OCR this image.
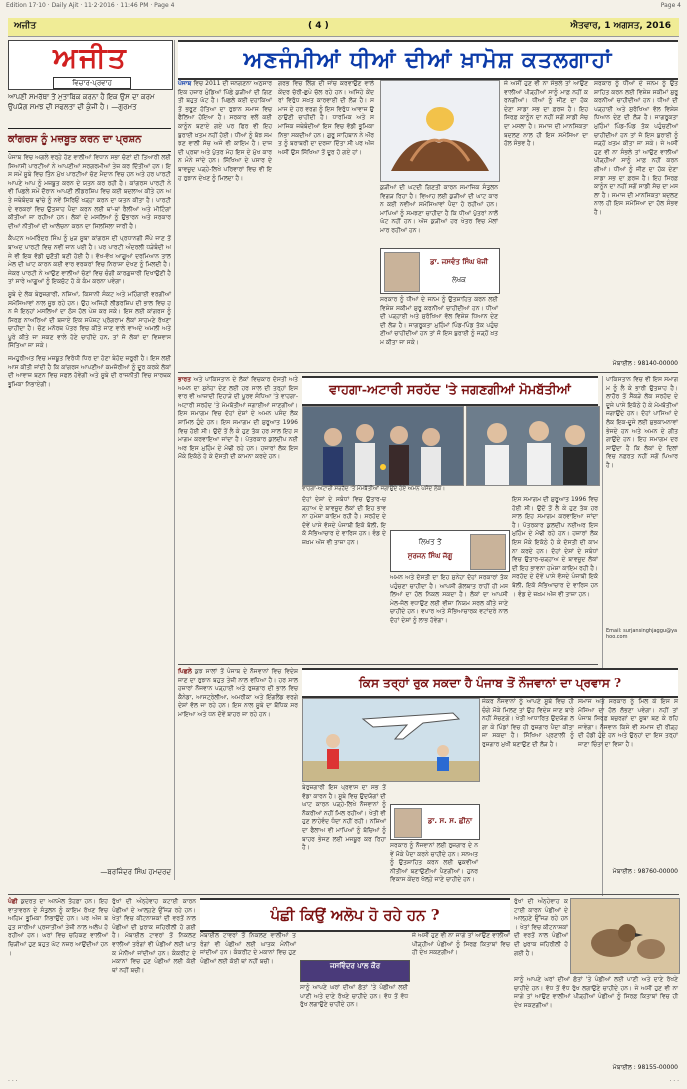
Edition 17·10 · Daily Ajit · 11·2·2016 · 11:46 PM · Page 4	Page 4
ਅਜੀਤ	( 4 )	ਐਤਵਾਰ, 1 ਅਗਸਤ, 2016
ਅਜੀਤ
ਵਿਚਾਰ-ਪ੍ਰਵਾਹ
ਆਪਣੀ ਸਮਰੱਥਾ ਤੋਂ ਮੁਤਾਬਿਕ ਕਰਨਾ ਹੈ ਇਕ ਉਸ ਦਾ ਕਰਮ ਉਪਯੋਗ ਸਮਝ ਦੀ ਸਫਲਤਾ ਦੀ ਕੁੰਜੀ ਹੈ। —ਗੁਰਮਤ
ਕਾਂਗਰਸ ਨੂੰ ਮਜ਼ਬੂਤ ਕਰਨ ਦਾ ਪ੍ਰਸ਼ਨ

ਪੰਜਾਬ ਵਿਚ ਅਗਲੇ ਵਰ੍ਹੇ ਹੋਣ ਵਾਲੀਆਂ ਵਿਧਾਨ ਸਭਾ ਚੋਣਾਂ ਦੀ ਤਿਆਰੀ ਲਈ ਸਿਆਸੀ ਪਾਰਟੀਆਂ ਨੇ ਆਪਣੀਆਂ ਸਰਗਰਮੀਆਂ ਤੇਜ਼ ਕਰ ਦਿੱਤੀਆਂ ਹਨ। ਇਸ ਸਮੇਂ ਸੂਬੇ ਵਿਚ ਤਿੰਨ ਮੁੱਖ ਪਾਰਟੀਆਂ ਚੋਣ ਮੈਦਾਨ ਵਿਚ ਹਨ ਅਤੇ ਹਰ ਪਾਰਟੀ ਆਪਣੇ ਆਪ ਨੂੰ ਮਜ਼ਬੂਤ ਕਰਨ ਦੇ ਯਤਨ ਕਰ ਰਹੀ ਹੈ। ਕਾਂਗਰਸ ਪਾਰਟੀ ਨੇ ਵੀ ਪਿਛਲੇ ਸਮੇਂ ਦੌਰਾਨ ਆਪਣੀ ਲੀਡਰਸ਼ਿਪ ਵਿਚ ਕਈ ਬਦਲਾਅ ਕੀਤੇ ਹਨ ਅਤੇ ਜਥੇਬੰਦਕ ਢਾਂਚੇ ਨੂੰ ਨਵੇਂ ਸਿਰਿਓਂ ਖੜ੍ਹਾ ਕਰਨ ਦਾ ਯਤਨ ਕੀਤਾ ਹੈ। ਪਾਰਟੀ ਦੇ ਵਰਕਰਾਂ ਵਿਚ ਉਤਸ਼ਾਹ ਪੈਦਾ ਕਰਨ ਲਈ ਥਾਂ-ਥਾਂ ਰੈਲੀਆਂ ਅਤੇ ਮੀਟਿੰਗਾਂ ਕੀਤੀਆਂ ਜਾ ਰਹੀਆਂ ਹਨ। ਲੋਕਾਂ ਦੇ ਮਸਲਿਆਂ ਨੂੰ ਉਭਾਰਨ ਅਤੇ ਸਰਕਾਰ ਦੀਆਂ ਨੀਤੀਆਂ ਦੀ ਆਲੋਚਨਾ ਕਰਨ ਦਾ ਸਿਲਸਿਲਾ ਜਾਰੀ ਹੈ।

ਕੈਪਟਨ ਅਮਰਿੰਦਰ ਸਿੰਘ ਨੂੰ ਮੁੜ ਸੂਬਾ ਕਾਂਗਰਸ ਦੀ ਪ੍ਰਧਾਨਗੀ ਸੌਂਪੇ ਜਾਣ ਤੋਂ ਬਾਅਦ ਪਾਰਟੀ ਵਿਚ ਨਵੀਂ ਜਾਨ ਪਈ ਹੈ। ਪਰ ਪਾਰਟੀ ਅੰਦਰਲੀ ਧੜੇਬੰਦੀ ਅਜੇ ਵੀ ਇਕ ਵੱਡੀ ਚੁਣੌਤੀ ਬਣੀ ਹੋਈ ਹੈ। ਵੱਖ-ਵੱਖ ਆਗੂਆਂ ਦਰਮਿਆਨ ਤਾਲਮੇਲ ਦੀ ਘਾਟ ਕਾਰਨ ਕਈ ਵਾਰ ਵਰਕਰਾਂ ਵਿਚ ਨਿਰਾਸ਼ਾ ਦੇਖਣ ਨੂੰ ਮਿਲਦੀ ਹੈ। ਜੇਕਰ ਪਾਰਟੀ ਨੇ ਆਉਣ ਵਾਲੀਆਂ ਚੋਣਾਂ ਵਿਚ ਚੰਗੀ ਕਾਰਗੁਜ਼ਾਰੀ ਦਿਖਾਉਣੀ ਹੈ ਤਾਂ ਸਾਰੇ ਆਗੂਆਂ ਨੂੰ ਇਕਜੁੱਟ ਹੋ ਕੇ ਕੰਮ ਕਰਨਾ ਪਵੇਗਾ।

ਸੂਬੇ ਦੇ ਲੋਕ ਬੇਰੁਜ਼ਗਾਰੀ, ਨਸ਼ਿਆਂ, ਕਿਸਾਨੀ ਸੰਕਟ ਅਤੇ ਮਹਿੰਗਾਈ ਵਰਗੀਆਂ ਸਮੱਸਿਆਵਾਂ ਨਾਲ ਜੂਝ ਰਹੇ ਹਨ। ਉਹ ਅਜਿਹੀ ਲੀਡਰਸ਼ਿਪ ਦੀ ਭਾਲ ਵਿਚ ਹਨ ਜੋ ਇਨ੍ਹਾਂ ਮਸਲਿਆਂ ਦਾ ਠੋਸ ਹੱਲ ਪੇਸ਼ ਕਰ ਸਕੇ। ਇਸ ਲਈ ਕਾਂਗਰਸ ਨੂੰ ਸਿਰਫ਼ ਨਾਅਰਿਆਂ ਦੀ ਬਜਾਏ ਇਕ ਸਪੱਸ਼ਟ ਪ੍ਰੋਗਰਾਮ ਲੋਕਾਂ ਸਾਹਮਣੇ ਰੱਖਣਾ ਚਾਹੀਦਾ ਹੈ। ਚੋਣ ਮਨੋਰਥ ਪੱਤਰ ਵਿਚ ਕੀਤੇ ਜਾਣ ਵਾਲੇ ਵਾਅਦੇ ਅਮਲੀ ਅਤੇ ਪੂਰੇ ਕੀਤੇ ਜਾ ਸਕਣ ਵਾਲੇ ਹੋਣੇ ਚਾਹੀਦੇ ਹਨ, ਤਾਂ ਜੋ ਲੋਕਾਂ ਦਾ ਵਿਸ਼ਵਾਸ ਜਿੱਤਿਆ ਜਾ ਸਕੇ।

ਜਮਹੂਰੀਅਤ ਵਿਚ ਮਜ਼ਬੂਤ ਵਿਰੋਧੀ ਧਿਰ ਦਾ ਹੋਣਾ ਬੇਹੱਦ ਜ਼ਰੂਰੀ ਹੈ। ਇਸ ਲਈ ਆਸ ਕੀਤੀ ਜਾਂਦੀ ਹੈ ਕਿ ਕਾਂਗਰਸ ਆਪਣੀਆਂ ਕਮਜ਼ੋਰੀਆਂ ਨੂੰ ਦੂਰ ਕਰਕੇ ਲੋਕਾਂ ਦੀ ਆਵਾਜ਼ ਬਣਨ ਵਿਚ ਸਫਲ ਹੋਵੇਗੀ ਅਤੇ ਸੂਬੇ ਦੀ ਰਾਜਨੀਤੀ ਵਿਚ ਸਾਰਥਕ ਭੂਮਿਕਾ ਨਿਭਾਏਗੀ।

—ਬਰਜਿੰਦਰ ਸਿੰਘ ਹਮਦਰਦ
ਅਣਜੰਮੀਆਂ ਧੀਆਂ ਦੀਆਂ ਖ਼ਾਮੋਸ਼ ਕਤਲਗਾਹਾਂ
ਪੰਜਾਬ ਵਿਚ 2011 ਦੀ ਜਨਗਣਨਾ ਅਨੁਸਾਰ ਇਕ ਹਜ਼ਾਰ ਮੁੰਡਿਆਂ ਪਿੱਛੇ ਕੁੜੀਆਂ ਦੀ ਗਿਣਤੀ ਬਹੁਤ ਘੱਟ ਹੈ। ਪਿਛਲੇ ਕਈ ਦਹਾਕਿਆਂ ਤੋਂ ਭਰੂਣ ਹੱਤਿਆ ਦਾ ਰੁਝਾਨ ਸਮਾਜ ਵਿਚ ਫੈਲਿਆ ਹੋਇਆ ਹੈ। ਸਰਕਾਰ ਵਲੋਂ ਕਈ ਕਾਨੂੰਨ ਬਣਾਏ ਗਏ ਪਰ ਫਿਰ ਵੀ ਇਹ ਬੁਰਾਈ ਖ਼ਤਮ ਨਹੀਂ ਹੋਈ। ਧੀਆਂ ਨੂੰ ਬੋਝ ਸਮਝਣ ਵਾਲੀ ਸੋਚ ਅਜੇ ਵੀ ਕਾਇਮ ਹੈ। ਦਾਜ ਦੀ ਪ੍ਰਥਾ ਅਤੇ ਪੁੱਤਰ ਮੋਹ ਇਸ ਦੇ ਮੁੱਖ ਕਾਰਨ ਮੰਨੇ ਜਾਂਦੇ ਹਨ। ਸਿੱਖਿਆ ਦੇ ਪਸਾਰ ਦੇ ਬਾਵਜੂਦ ਪੜ੍ਹੇ-ਲਿਖੇ ਪਰਿਵਾਰਾਂ ਵਿਚ ਵੀ ਇਹ ਰੁਝਾਨ ਦੇਖਣ ਨੂੰ ਮਿਲਦਾ ਹੈ।
ਗਰਭ ਵਿਚ ਲਿੰਗ ਦੀ ਜਾਂਚ ਕਰਵਾਉਣ ਵਾਲੇ ਕੇਂਦਰ ਚੋਰੀ-ਛੁਪੇ ਚੱਲ ਰਹੇ ਹਨ। ਅਜਿਹੇ ਕੇਂਦਰਾਂ ਵਿਰੁੱਧ ਸਖ਼ਤ ਕਾਰਵਾਈ ਦੀ ਲੋੜ ਹੈ। ਸਮਾਜ ਦੇ ਹਰ ਵਰਗ ਨੂੰ ਇਸ ਵਿਰੁੱਧ ਆਵਾਜ਼ ਉਠਾਉਣੀ ਚਾਹੀਦੀ ਹੈ। ਧਾਰਮਿਕ ਅਤੇ ਸਮਾਜਿਕ ਜਥੇਬੰਦੀਆਂ ਇਸ ਵਿਚ ਵੱਡੀ ਭੂਮਿਕਾ ਨਿਭਾ ਸਕਦੀਆਂ ਹਨ। ਗੁਰੂ ਸਾਹਿਬਾਨ ਨੇ ਔਰਤ ਨੂੰ ਬਰਾਬਰੀ ਦਾ ਦਰਜਾ ਦਿੱਤਾ ਸੀ ਪਰ ਅੱਜ ਅਸੀਂ ਉਸ ਸਿੱਖਿਆ ਤੋਂ ਦੂਰ ਹੋ ਗਏ ਹਾਂ।
ਕੁੜੀਆਂ ਦੀ ਘਟਦੀ ਗਿਣਤੀ ਕਾਰਨ ਸਮਾਜਿਕ ਸੰਤੁਲਨ ਵਿਗੜ ਰਿਹਾ ਹੈ। ਵਿਆਹ ਲਈ ਕੁੜੀਆਂ ਦੀ ਘਾਟ ਕਾਰਨ ਕਈ ਨਵੀਆਂ ਸਮੱਸਿਆਵਾਂ ਪੈਦਾ ਹੋ ਰਹੀਆਂ ਹਨ। ਮਾਪਿਆਂ ਨੂੰ ਸਮਝਣਾ ਚਾਹੀਦਾ ਹੈ ਕਿ ਧੀਆਂ ਪੁੱਤਰਾਂ ਨਾਲੋਂ ਘੱਟ ਨਹੀਂ ਹਨ। ਅੱਜ ਕੁੜੀਆਂ ਹਰ ਖੇਤਰ ਵਿਚ ਮੱਲਾਂ ਮਾਰ ਰਹੀਆਂ ਹਨ।
ਡਾ. ਜਸਵੰਤ ਸਿੰਘ ਖੋਜੀ
ਲੇਖਕ
ਸਰਕਾਰ ਨੂੰ ਧੀਆਂ ਦੇ ਜਨਮ ਨੂੰ ਉਤਸ਼ਾਹਿਤ ਕਰਨ ਲਈ ਵਿਸ਼ੇਸ਼ ਸਕੀਮਾਂ ਸ਼ੁਰੂ ਕਰਨੀਆਂ ਚਾਹੀਦੀਆਂ ਹਨ। ਧੀਆਂ ਦੀ ਪੜ੍ਹਾਈ ਅਤੇ ਸੁਰੱਖਿਆ ਵੱਲ ਵਿਸ਼ੇਸ਼ ਧਿਆਨ ਦੇਣ ਦੀ ਲੋੜ ਹੈ। ਜਾਗਰੂਕਤਾ ਮੁਹਿੰਮਾਂ ਪਿੰਡ-ਪਿੰਡ ਤੱਕ ਪਹੁੰਚਣੀਆਂ ਚਾਹੀਦੀਆਂ ਹਨ ਤਾਂ ਜੋ ਇਸ ਬੁਰਾਈ ਨੂੰ ਜੜ੍ਹੋਂ ਖ਼ਤਮ ਕੀਤਾ ਜਾ ਸਕੇ।
ਜੇ ਅਸੀਂ ਹੁਣ ਵੀ ਨਾ ਸੰਭਲੇ ਤਾਂ ਆਉਣ ਵਾਲੀਆਂ ਪੀੜ੍ਹੀਆਂ ਸਾਨੂੰ ਮਾਫ਼ ਨਹੀਂ ਕਰਨਗੀਆਂ। ਧੀਆਂ ਨੂੰ ਜੀਣ ਦਾ ਹੱਕ ਦੇਣਾ ਸਾਡਾ ਸਭ ਦਾ ਫ਼ਰਜ਼ ਹੈ। ਇਹ ਸਿਰਫ਼ ਕਾਨੂੰਨ ਦਾ ਨਹੀਂ ਸਗੋਂ ਸਾਡੀ ਸੋਚ ਦਾ ਮਸਲਾ ਹੈ। ਸਮਾਜ ਦੀ ਮਾਨਸਿਕਤਾ ਬਦਲਣ ਨਾਲ ਹੀ ਇਸ ਸਮੱਸਿਆ ਦਾ ਹੱਲ ਸੰਭਵ ਹੈ।
ਸਰਕਾਰ ਨੂੰ ਧੀਆਂ ਦੇ ਜਨਮ ਨੂੰ ਉਤਸ਼ਾਹਿਤ ਕਰਨ ਲਈ ਵਿਸ਼ੇਸ਼ ਸਕੀਮਾਂ ਸ਼ੁਰੂ ਕਰਨੀਆਂ ਚਾਹੀਦੀਆਂ ਹਨ। ਧੀਆਂ ਦੀ ਪੜ੍ਹਾਈ ਅਤੇ ਸੁਰੱਖਿਆ ਵੱਲ ਵਿਸ਼ੇਸ਼ ਧਿਆਨ ਦੇਣ ਦੀ ਲੋੜ ਹੈ। ਜਾਗਰੂਕਤਾ ਮੁਹਿੰਮਾਂ ਪਿੰਡ-ਪਿੰਡ ਤੱਕ ਪਹੁੰਚਣੀਆਂ ਚਾਹੀਦੀਆਂ ਹਨ ਤਾਂ ਜੋ ਇਸ ਬੁਰਾਈ ਨੂੰ ਜੜ੍ਹੋਂ ਖ਼ਤਮ ਕੀਤਾ ਜਾ ਸਕੇ। ਜੇ ਅਸੀਂ ਹੁਣ ਵੀ ਨਾ ਸੰਭਲੇ ਤਾਂ ਆਉਣ ਵਾਲੀਆਂ ਪੀੜ੍ਹੀਆਂ ਸਾਨੂੰ ਮਾਫ਼ ਨਹੀਂ ਕਰਨਗੀਆਂ। ਧੀਆਂ ਨੂੰ ਜੀਣ ਦਾ ਹੱਕ ਦੇਣਾ ਸਾਡਾ ਸਭ ਦਾ ਫ਼ਰਜ਼ ਹੈ। ਇਹ ਸਿਰਫ਼ ਕਾਨੂੰਨ ਦਾ ਨਹੀਂ ਸਗੋਂ ਸਾਡੀ ਸੋਚ ਦਾ ਮਸਲਾ ਹੈ। ਸਮਾਜ ਦੀ ਮਾਨਸਿਕਤਾ ਬਦਲਣ ਨਾਲ ਹੀ ਇਸ ਸਮੱਸਿਆ ਦਾ ਹੱਲ ਸੰਭਵ ਹੈ।
ਮੋਬਾਈਲ : 98140-00000
ਭਾਰਤ ਅਤੇ ਪਾਕਿਸਤਾਨ ਦੇ ਲੋਕਾਂ ਵਿਚਕਾਰ ਦੋਸਤੀ ਅਤੇ ਅਮਨ ਦਾ ਸੁਨੇਹਾ ਦੇਣ ਲਈ ਹਰ ਸਾਲ ਦੀ ਤਰ੍ਹਾਂ ਇਸ ਵਾਰ ਵੀ ਆਜ਼ਾਦੀ ਦਿਹਾੜੇ ਦੀ ਪੂਰਵ ਸੰਧਿਆ 'ਤੇ ਵਾਹਗਾ-ਅਟਾਰੀ ਸਰਹੱਦ 'ਤੇ ਮੋਮਬੱਤੀਆਂ ਜਗਾਈਆਂ ਜਾਣਗੀਆਂ। ਇਸ ਸਮਾਗਮ ਵਿਚ ਦੋਹਾਂ ਦੇਸ਼ਾਂ ਦੇ ਅਮਨ ਪਸੰਦ ਲੋਕ ਸ਼ਾਮਿਲ ਹੁੰਦੇ ਹਨ। ਇਸ ਸਮਾਗਮ ਦੀ ਸ਼ੁਰੂਆਤ 1996 ਵਿਚ ਹੋਈ ਸੀ। ਉਦੋਂ ਤੋਂ ਲੈ ਕੇ ਹੁਣ ਤੱਕ ਹਰ ਸਾਲ ਇਹ ਸਮਾਗਮ ਕਰਵਾਇਆ ਜਾਂਦਾ ਹੈ। ਪੱਤਰਕਾਰ ਕੁਲਦੀਪ ਨਈਅਰ ਇਸ ਮੁਹਿੰਮ ਦੇ ਮੋਢੀ ਰਹੇ ਹਨ। ਹਜ਼ਾਰਾਂ ਲੋਕ ਇਸ ਮੌਕੇ ਇਕੱਠੇ ਹੋ ਕੇ ਦੋਸਤੀ ਦੀ ਕਾਮਨਾ ਕਰਦੇ ਹਨ।
ਵਾਹਗਾ-ਅਟਾਰੀ ਸਰਹੱਦ 'ਤੇ ਜਗਣਗੀਆਂ ਮੋਮਬੱਤੀਆਂ
ਵਾਹਗਾ-ਅਟਾਰੀ ਸਰਹੱਦ 'ਤੇ ਮੋਮਬੱਤੀਆਂ ਜਗਾਉਂਦੇ ਹੋਏ ਅਮਨ ਪਸੰਦ ਲੋਕ।
ਦੋਹਾਂ ਦੇਸ਼ਾਂ ਦੇ ਸਬੰਧਾਂ ਵਿਚ ਉਤਾਰ-ਚੜ੍ਹਾਅ ਦੇ ਬਾਵਜੂਦ ਲੋਕਾਂ ਦੀ ਇਹ ਭਾਵਨਾ ਹਮੇਸ਼ਾ ਕਾਇਮ ਰਹੀ ਹੈ। ਸਰਹੱਦ ਦੇ ਦੋਵੇਂ ਪਾਸੇ ਵੱਸਦੇ ਪੰਜਾਬੀ ਇਕੋ ਬੋਲੀ, ਇਕੋ ਸੱਭਿਆਚਾਰ ਦੇ ਵਾਰਿਸ ਹਨ। ਵੰਡ ਦੇ ਜ਼ਖ਼ਮ ਅੱਜ ਵੀ ਤਾਜ਼ਾ ਹਨ।	ਲਿਖਤ ਤੋਂ
ਸੁਰਜਨ ਸਿੰਘ ਜੱਗੂ
ਅਮਨ ਅਤੇ ਦੋਸਤੀ ਦਾ ਇਹ ਸੁਨੇਹਾ ਦੋਹਾਂ ਸਰਕਾਰਾਂ ਤੱਕ ਪਹੁੰਚਣਾ ਚਾਹੀਦਾ ਹੈ। ਆਪਸੀ ਗੱਲਬਾਤ ਰਾਹੀਂ ਹੀ ਮਸਲਿਆਂ ਦਾ ਹੱਲ ਨਿਕਲ ਸਕਦਾ ਹੈ। ਲੋਕਾਂ ਦਾ ਆਪਸੀ ਮੇਲ-ਜੋਲ ਵਧਾਉਣ ਲਈ ਵੀਜ਼ਾ ਨਿਯਮ ਸਰਲ ਕੀਤੇ ਜਾਣੇ ਚਾਹੀਦੇ ਹਨ। ਵਪਾਰ ਅਤੇ ਸੱਭਿਆਚਾਰਕ ਵਟਾਂਦਰੇ ਨਾਲ ਦੋਹਾਂ ਦੇਸ਼ਾਂ ਨੂੰ ਲਾਭ ਹੋਵੇਗਾ।
ਇਸ ਸਮਾਗਮ ਦੀ ਸ਼ੁਰੂਆਤ 1996 ਵਿਚ ਹੋਈ ਸੀ। ਉਦੋਂ ਤੋਂ ਲੈ ਕੇ ਹੁਣ ਤੱਕ ਹਰ ਸਾਲ ਇਹ ਸਮਾਗਮ ਕਰਵਾਇਆ ਜਾਂਦਾ ਹੈ। ਪੱਤਰਕਾਰ ਕੁਲਦੀਪ ਨਈਅਰ ਇਸ ਮੁਹਿੰਮ ਦੇ ਮੋਢੀ ਰਹੇ ਹਨ। ਹਜ਼ਾਰਾਂ ਲੋਕ ਇਸ ਮੌਕੇ ਇਕੱਠੇ ਹੋ ਕੇ ਦੋਸਤੀ ਦੀ ਕਾਮਨਾ ਕਰਦੇ ਹਨ। ਦੋਹਾਂ ਦੇਸ਼ਾਂ ਦੇ ਸਬੰਧਾਂ ਵਿਚ ਉਤਾਰ-ਚੜ੍ਹਾਅ ਦੇ ਬਾਵਜੂਦ ਲੋਕਾਂ ਦੀ ਇਹ ਭਾਵਨਾ ਹਮੇਸ਼ਾ ਕਾਇਮ ਰਹੀ ਹੈ। ਸਰਹੱਦ ਦੇ ਦੋਵੇਂ ਪਾਸੇ ਵੱਸਦੇ ਪੰਜਾਬੀ ਇਕੋ ਬੋਲੀ, ਇਕੋ ਸੱਭਿਆਚਾਰ ਦੇ ਵਾਰਿਸ ਹਨ। ਵੰਡ ਦੇ ਜ਼ਖ਼ਮ ਅੱਜ ਵੀ ਤਾਜ਼ਾ ਹਨ।
ਪਾਕਿਸਤਾਨ ਵਿਚ ਵੀ ਇਸ ਸਮਾਗਮ ਨੂੰ ਲੈ ਕੇ ਭਾਰੀ ਉਤਸ਼ਾਹ ਹੈ। ਲਾਹੌਰ ਤੋਂ ਸੈਂਕੜੇ ਲੋਕ ਸਰਹੱਦ ਦੇ ਦੂਜੇ ਪਾਸੇ ਇਕੱਠੇ ਹੋ ਕੇ ਮੋਮਬੱਤੀਆਂ ਜਗਾਉਂਦੇ ਹਨ। ਦੋਹਾਂ ਪਾਸਿਆਂ ਦੇ ਲੋਕ ਇਕ-ਦੂਜੇ ਲਈ ਸ਼ੁਭਕਾਮਨਾਵਾਂ ਭੇਜਦੇ ਹਨ ਅਤੇ ਅਮਨ ਦੇ ਗੀਤ ਗਾਉਂਦੇ ਹਨ। ਇਹ ਸਮਾਗਮ ਦਰਸਾਉਂਦਾ ਹੈ ਕਿ ਲੋਕਾਂ ਦੇ ਦਿਲਾਂ ਵਿਚ ਨਫ਼ਰਤ ਨਹੀਂ ਸਗੋਂ ਪਿਆਰ ਹੈ।
Email: surjansinghjaggu@yahoo.com
ਪਿਛਲੇ ਕੁਝ ਸਾਲਾਂ ਤੋਂ ਪੰਜਾਬ ਦੇ ਨੌਜਵਾਨਾਂ ਵਿਚ ਵਿਦੇਸ਼ ਜਾਣ ਦਾ ਰੁਝਾਨ ਬਹੁਤ ਤੇਜ਼ੀ ਨਾਲ ਵਧਿਆ ਹੈ। ਹਰ ਸਾਲ ਹਜ਼ਾਰਾਂ ਨੌਜਵਾਨ ਪੜ੍ਹਾਈ ਅਤੇ ਰੁਜ਼ਗਾਰ ਦੀ ਭਾਲ ਵਿਚ ਕੈਨੇਡਾ, ਆਸਟ੍ਰੇਲੀਆ, ਅਮਰੀਕਾ ਅਤੇ ਇੰਗਲੈਂਡ ਵਰਗੇ ਦੇਸ਼ਾਂ ਵੱਲ ਜਾ ਰਹੇ ਹਨ। ਇਸ ਨਾਲ ਸੂਬੇ ਦਾ ਬੌਧਿਕ ਸਰਮਾਇਆ ਅਤੇ ਧਨ ਦੋਵੇਂ ਬਾਹਰ ਜਾ ਰਹੇ ਹਨ।
ਕਿਸ ਤਰ੍ਹਾਂ ਰੁਕ ਸਕਦਾ ਹੈ ਪੰਜਾਬ ਤੋਂ ਨੌਜਵਾਨਾਂ ਦਾ ਪ੍ਰਵਾਸ ?
ਜੇਕਰ ਨੌਜਵਾਨਾਂ ਨੂੰ ਆਪਣੇ ਸੂਬੇ ਵਿਚ ਹੀ ਚੰਗੇ ਮੌਕੇ ਮਿਲਣ ਤਾਂ ਉਹ ਵਿਦੇਸ਼ ਜਾਣ ਬਾਰੇ ਨਹੀਂ ਸੋਚਣਗੇ। ਖੇਤੀ ਆਧਾਰਿਤ ਉਦਯੋਗ ਲਗਾ ਕੇ ਪਿੰਡਾਂ ਵਿਚ ਹੀ ਰੁਜ਼ਗਾਰ ਪੈਦਾ ਕੀਤਾ ਜਾ ਸਕਦਾ ਹੈ। ਸਿੱਖਿਆ ਪ੍ਰਣਾਲੀ ਨੂੰ ਰੁਜ਼ਗਾਰ ਮੁਖੀ ਬਣਾਉਣ ਦੀ ਲੋੜ ਹੈ।
ਸਮਾਜ ਅਤੇ ਸਰਕਾਰ ਨੂੰ ਮਿਲ ਕੇ ਇਸ ਸਮੱਸਿਆ ਦਾ ਹੱਲ ਲੱਭਣਾ ਪਵੇਗਾ। ਨਹੀਂ ਤਾਂ ਪੰਜਾਬ ਸਿਰਫ਼ ਬਜ਼ੁਰਗਾਂ ਦਾ ਸੂਬਾ ਬਣ ਕੇ ਰਹਿ ਜਾਵੇਗਾ। ਨੌਜਵਾਨ ਕਿਸੇ ਵੀ ਸਮਾਜ ਦੀ ਰੀੜ੍ਹ ਦੀ ਹੱਡੀ ਹੁੰਦੇ ਹਨ ਅਤੇ ਉਨ੍ਹਾਂ ਦਾ ਇਸ ਤਰ੍ਹਾਂ ਜਾਣਾ ਚਿੰਤਾ ਦਾ ਵਿਸ਼ਾ ਹੈ।
ਮੋਬਾਈਲ : 98760-00000
ਬੇਰੁਜ਼ਗਾਰੀ ਇਸ ਪ੍ਰਵਾਸ ਦਾ ਸਭ ਤੋਂ ਵੱਡਾ ਕਾਰਨ ਹੈ। ਸੂਬੇ ਵਿਚ ਉਦਯੋਗਾਂ ਦੀ ਘਾਟ ਕਾਰਨ ਪੜ੍ਹੇ-ਲਿਖੇ ਨੌਜਵਾਨਾਂ ਨੂੰ ਨੌਕਰੀਆਂ ਨਹੀਂ ਮਿਲ ਰਹੀਆਂ। ਖੇਤੀ ਵੀ ਹੁਣ ਲਾਹੇਵੰਦ ਧੰਦਾ ਨਹੀਂ ਰਹੀ। ਨਸ਼ਿਆਂ ਦਾ ਫੈਲਾਅ ਵੀ ਮਾਪਿਆਂ ਨੂੰ ਬੱਚਿਆਂ ਨੂੰ ਬਾਹਰ ਭੇਜਣ ਲਈ ਮਜਬੂਰ ਕਰ ਰਿਹਾ ਹੈ।
ਡਾ. ਸ. ਸ. ਛੀਨਾ
ਸਰਕਾਰ ਨੂੰ ਨੌਜਵਾਨਾਂ ਲਈ ਰੁਜ਼ਗਾਰ ਦੇ ਨਵੇਂ ਮੌਕੇ ਪੈਦਾ ਕਰਨੇ ਚਾਹੀਦੇ ਹਨ। ਸਨਅਤ ਨੂੰ ਉਤਸ਼ਾਹਿਤ ਕਰਨ ਲਈ ਢੁਕਵੀਆਂ ਨੀਤੀਆਂ ਬਣਾਉਣੀਆਂ ਪੈਣਗੀਆਂ। ਹੁਨਰ ਵਿਕਾਸ ਕੇਂਦਰ ਖੋਲ੍ਹੇ ਜਾਣੇ ਚਾਹੀਦੇ ਹਨ।
ਪੰਛੀ ਕੁਦਰਤ ਦਾ ਅਨਮੋਲ ਤੋਹਫ਼ਾ ਹਨ। ਇਹ ਵਾਤਾਵਰਨ ਦੇ ਸੰਤੁਲਨ ਨੂੰ ਕਾਇਮ ਰੱਖਣ ਵਿਚ ਅਹਿਮ ਭੂਮਿਕਾ ਨਿਭਾਉਂਦੇ ਹਨ। ਪਰ ਅੱਜ ਬਹੁਤ ਸਾਰੀਆਂ ਪ੍ਰਜਾਤੀਆਂ ਤੇਜ਼ੀ ਨਾਲ ਅਲੋਪ ਹੋ ਰਹੀਆਂ ਹਨ। ਘਰਾਂ ਵਿਚ ਚਹਿਕਣ ਵਾਲੀਆਂ ਚਿੜੀਆਂ ਹੁਣ ਬਹੁਤ ਘੱਟ ਨਜ਼ਰ ਆਉਂਦੀਆਂ ਹਨ।
ਰੁੱਖਾਂ ਦੀ ਅੰਨ੍ਹੇਵਾਹ ਕਟਾਈ ਕਾਰਨ ਪੰਛੀਆਂ ਦੇ ਆਲ੍ਹਣੇ ਉੱਜੜ ਰਹੇ ਹਨ। ਖੇਤਾਂ ਵਿਚ ਕੀਟਨਾਸ਼ਕਾਂ ਦੀ ਵਰਤੋਂ ਨਾਲ ਪੰਛੀਆਂ ਦੀ ਖ਼ੁਰਾਕ ਜ਼ਹਿਰੀਲੀ ਹੋ ਗਈ ਹੈ। ਮੋਬਾਈਲ ਟਾਵਰਾਂ ਤੋਂ ਨਿਕਲਣ ਵਾਲੀਆਂ ਤਰੰਗਾਂ ਵੀ ਪੰਛੀਆਂ ਲਈ ਘਾਤਕ ਮੰਨੀਆਂ ਜਾਂਦੀਆਂ ਹਨ। ਕੰਕਰੀਟ ਦੇ ਮਕਾਨਾਂ ਵਿਚ ਹੁਣ ਪੰਛੀਆਂ ਲਈ ਕੋਈ ਥਾਂ ਨਹੀਂ ਬਚੀ।
ਪੰਛੀ ਕਿਉਂ ਅਲੋਪ ਹੋ ਰਹੇ ਹਨ ?
ਮੋਬਾਈਲ ਟਾਵਰਾਂ ਤੋਂ ਨਿਕਲਣ ਵਾਲੀਆਂ ਤਰੰਗਾਂ ਵੀ ਪੰਛੀਆਂ ਲਈ ਘਾਤਕ ਮੰਨੀਆਂ ਜਾਂਦੀਆਂ ਹਨ। ਕੰਕਰੀਟ ਦੇ ਮਕਾਨਾਂ ਵਿਚ ਹੁਣ ਪੰਛੀਆਂ ਲਈ ਕੋਈ ਥਾਂ ਨਹੀਂ ਬਚੀ।
ਜਸਵਿੰਦਰ ਪਾਲ ਕੌਰ
ਸਾਨੂੰ ਆਪਣੇ ਘਰਾਂ ਦੀਆਂ ਛੱਤਾਂ 'ਤੇ ਪੰਛੀਆਂ ਲਈ ਪਾਣੀ ਅਤੇ ਦਾਣੇ ਰੱਖਣੇ ਚਾਹੀਦੇ ਹਨ। ਵੱਧ ਤੋਂ ਵੱਧ ਰੁੱਖ ਲਗਾਉਣੇ ਚਾਹੀਦੇ ਹਨ।
ਜੇ ਅਸੀਂ ਹੁਣ ਵੀ ਨਾ ਜਾਗੇ ਤਾਂ ਆਉਣ ਵਾਲੀਆਂ ਪੀੜ੍ਹੀਆਂ ਪੰਛੀਆਂ ਨੂੰ ਸਿਰਫ਼ ਕਿਤਾਬਾਂ ਵਿਚ ਹੀ ਦੇਖ ਸਕਣਗੀਆਂ।
ਰੁੱਖਾਂ ਦੀ ਅੰਨ੍ਹੇਵਾਹ ਕਟਾਈ ਕਾਰਨ ਪੰਛੀਆਂ ਦੇ ਆਲ੍ਹਣੇ ਉੱਜੜ ਰਹੇ ਹਨ। ਖੇਤਾਂ ਵਿਚ ਕੀਟਨਾਸ਼ਕਾਂ ਦੀ ਵਰਤੋਂ ਨਾਲ ਪੰਛੀਆਂ ਦੀ ਖ਼ੁਰਾਕ ਜ਼ਹਿਰੀਲੀ ਹੋ ਗਈ ਹੈ।
ਸਾਨੂੰ ਆਪਣੇ ਘਰਾਂ ਦੀਆਂ ਛੱਤਾਂ 'ਤੇ ਪੰਛੀਆਂ ਲਈ ਪਾਣੀ ਅਤੇ ਦਾਣੇ ਰੱਖਣੇ ਚਾਹੀਦੇ ਹਨ। ਵੱਧ ਤੋਂ ਵੱਧ ਰੁੱਖ ਲਗਾਉਣੇ ਚਾਹੀਦੇ ਹਨ। ਜੇ ਅਸੀਂ ਹੁਣ ਵੀ ਨਾ ਜਾਗੇ ਤਾਂ ਆਉਣ ਵਾਲੀਆਂ ਪੀੜ੍ਹੀਆਂ ਪੰਛੀਆਂ ਨੂੰ ਸਿਰਫ਼ ਕਿਤਾਬਾਂ ਵਿਚ ਹੀ ਦੇਖ ਸਕਣਗੀਆਂ।
ਮੋਬਾਈਲ : 98155-00000
· · ·	· · ·
